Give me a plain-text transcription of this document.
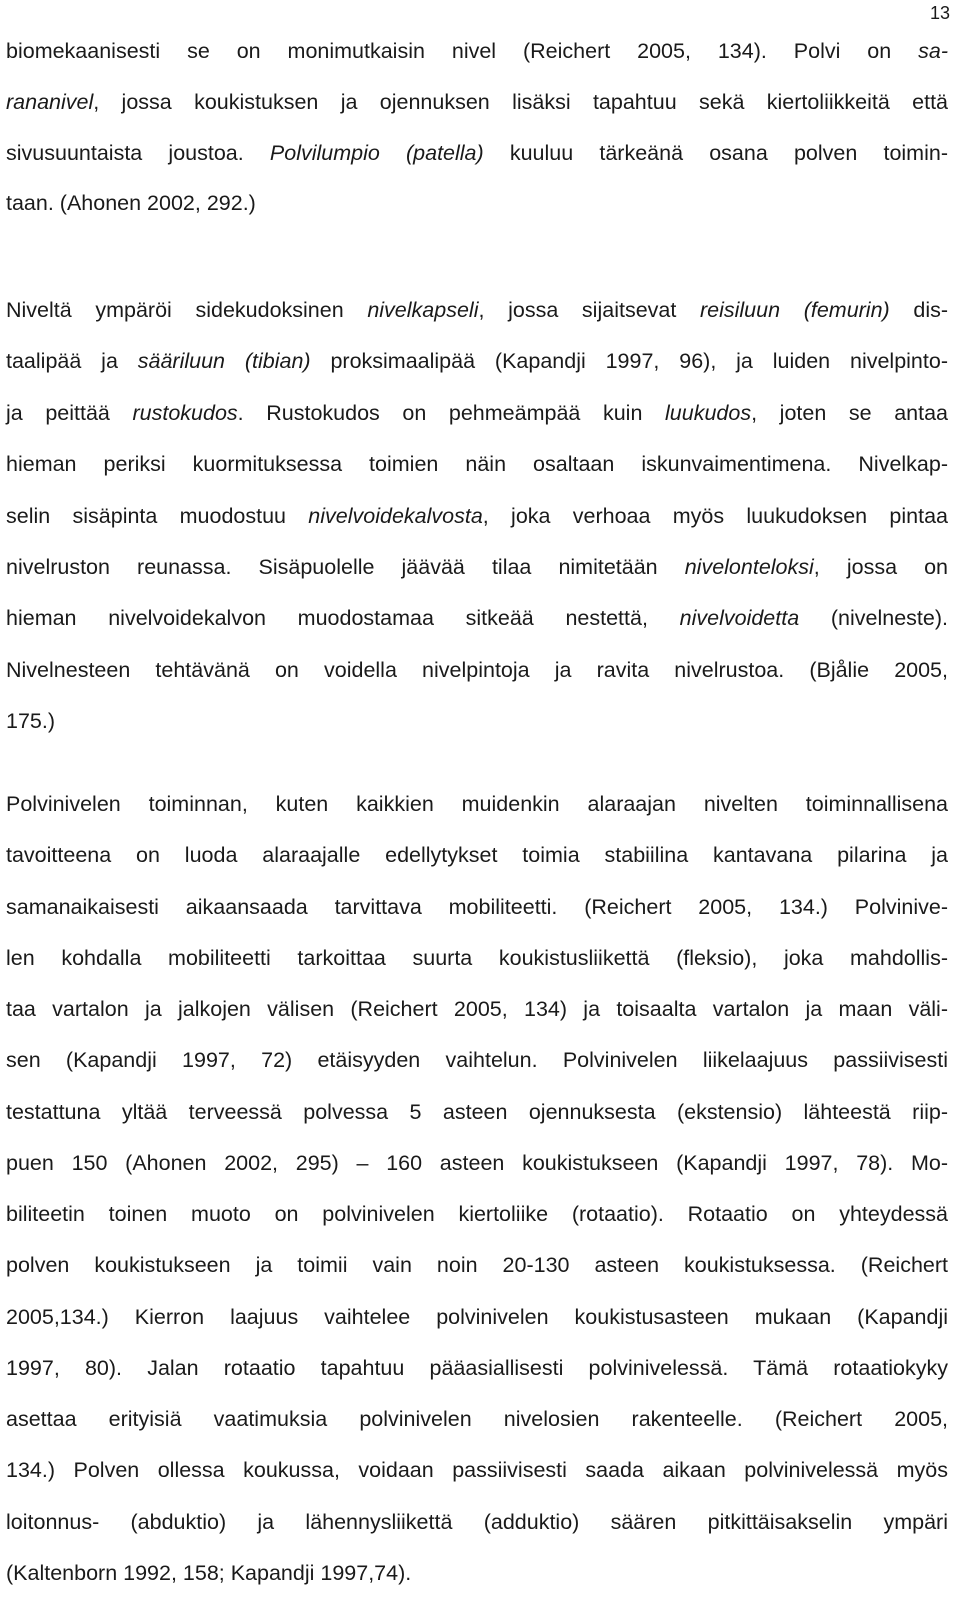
13
biomekaanisesti se on monimutkaisin nivel (Reichert 2005, 134). Polvi on sa-
rananivel, jossa koukistuksen ja ojennuksen lisäksi tapahtuu sekä kiertoliikkeitä että
sivusuuntaista joustoa. Polvilumpio (patella) kuuluu tärkeänä osana polven toimin-
taan. (Ahonen 2002, 292.)
Niveltä ympäröi sidekudoksinen nivelkapseli, jossa sijaitsevat reisiluun (femurin) dis-
taalipää ja sääriluun (tibian) proksimaalipää (Kapandji 1997, 96), ja luiden nivelpinto-
ja peittää rustokudos. Rustokudos on pehmeämpää kuin luukudos, joten se antaa
hieman periksi kuormituksessa toimien näin osaltaan iskunvaimentimena. Nivelkap-
selin sisäpinta muodostuu nivelvoidekalvosta, joka verhoaa myös luukudoksen pintaa
nivelruston reunassa. Sisäpuolelle jäävää tilaa nimitetään nivelonteloksi, jossa on
hieman nivelvoidekalvon muodostamaa sitkeää nestettä, nivelvoidetta (nivelneste).
Nivelnesteen tehtävänä on voidella nivelpintoja ja ravita nivelrustoa. (Bjålie 2005,
175.)
Polvinivelen toiminnan, kuten kaikkien muidenkin alaraajan nivelten toiminnallisena
tavoitteena on luoda alaraajalle edellytykset toimia stabiilina kantavana pilarina ja
samanaikaisesti aikaansaada tarvittava mobiliteetti. (Reichert 2005, 134.) Polvinive-
len kohdalla mobiliteetti tarkoittaa suurta koukistusliikettä (fleksio), joka mahdollis-
taa vartalon ja jalkojen välisen (Reichert 2005, 134) ja toisaalta vartalon ja maan väli-
sen (Kapandji 1997, 72) etäisyyden vaihtelun. Polvinivelen liikelaajuus passiivisesti
testattuna yltää terveessä polvessa 5 asteen ojennuksesta (ekstensio) lähteestä riip-
puen 150 (Ahonen 2002, 295) – 160 asteen koukistukseen (Kapandji 1997, 78). Mo-
biliteetin toinen muoto on polvinivelen kiertoliike (rotaatio). Rotaatio on yhteydessä
polven koukistukseen ja toimii vain noin 20-130 asteen koukistuksessa. (Reichert
2005,134.) Kierron laajuus vaihtelee polvinivelen koukistusasteen mukaan (Kapandji
1997, 80). Jalan rotaatio tapahtuu pääasiallisesti polvinivelessä. Tämä rotaatiokyky
asettaa erityisiä vaatimuksia polvinivelen nivelosien rakenteelle. (Reichert 2005,
134.) Polven ollessa koukussa, voidaan passiivisesti saada aikaan polvinivelessä myös
loitonnus- (abduktio) ja lähennysliikettä (adduktio) säären pitkittäisakselin ympäri
(Kaltenborn 1992, 158; Kapandji 1997,74).
